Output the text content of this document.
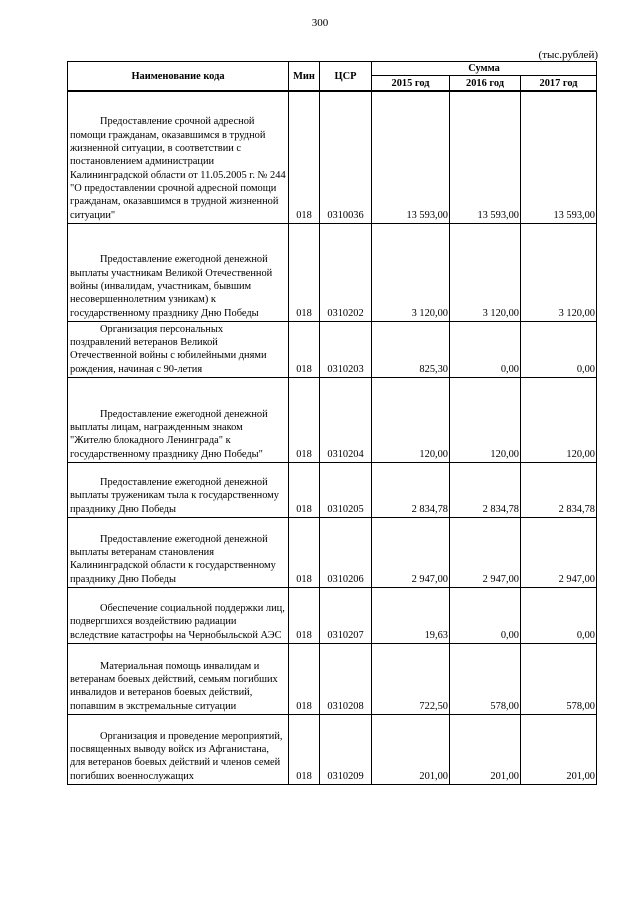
300
(тыс.рублей)
Наименование кода	Мин	ЦСР	Сумма		
			2015 год	2016 год	2017 год

Предоставление срочной адресной помощи гражданам, оказавшимся в трудной жизненной ситуации, в соответствии с постановлением администрации Калининградской области от 11.05.2005 г. № 244 "О предоставлении срочной адресной помощи гражданам, оказавшимся в трудной жизненной ситуации"	018	0310036	13 593,00	13 593,00	13 593,00

Предоставление ежегодной денежной выплаты участникам Великой Отечественной войны (инвалидам, участникам, бывшим несовершеннолетним узникам) к государственному празднику Дню Победы	018	0310202	3 120,00	3 120,00	3 120,00

Организация персональных поздравлений ветеранов Великой Отечественной войны с юбилейными днями рождения, начиная с 90-летия	018	0310203	825,30	0,00	0,00

Предоставление ежегодной денежной выплаты лицам, награжденным знаком "Жителю блокадного Ленинграда" к государственному празднику Дню Победы"	018	0310204	120,00	120,00	120,00

Предоставление ежегодной денежной выплаты труженикам тыла к государственному празднику Дню Победы	018	0310205	2 834,78	2 834,78	2 834,78

Предоставление ежегодной денежной выплаты ветеранам становления Калининградской области к государственному празднику Дню Победы	018	0310206	2 947,00	2 947,00	2 947,00

Обеспечение социальной поддержки лиц, подвергшихся воздействию радиации вследствие катастрофы на Чернобыльской АЭС	018	0310207	19,63	0,00	0,00

Материальная помощь инвалидам и ветеранам боевых действий, семьям погибших инвалидов и ветеранов боевых действий, попавшим в экстремальные ситуации	018	0310208	722,50	578,00	578,00

Организация и проведение мероприятий, посвященных выводу войск из Афганистана, для ветеранов боевых действий и членов семей погибших военнослужащих	018	0310209	201,00	201,00	201,00
